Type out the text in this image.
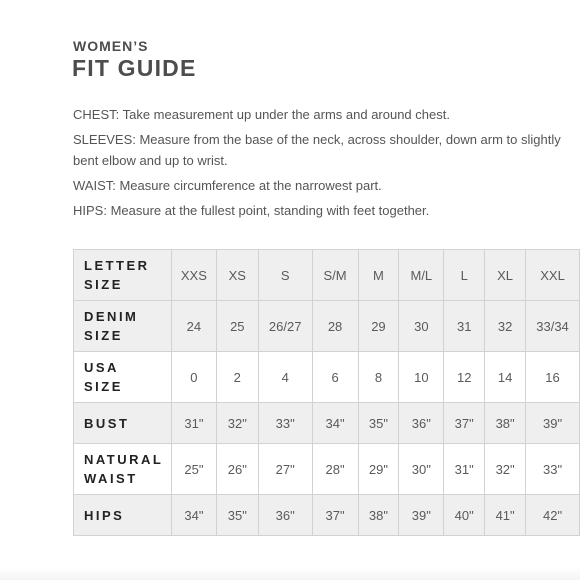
WOMEN’S
FIT GUIDE

CHEST: Take measurement up under the arms and around chest.

SLEEVES: Measure from the base of the neck, across shoulder, down arm to slightly bent elbow and up to wrist.

WAIST: Measure circumference at the narrowest part.

HIPS: Measure at the fullest point, standing with feet together.

LETTER
SIZE	XXS	XS	S	S/M	M	M/L	L	XL	XXL
DENIM
SIZE	24	25	26/27	28	29	30	31	32	33/34
USA
SIZE	0	2	4	6	8	10	12	14	16
BUST	31"	32"	33"	34"	35"	36"	37"	38"	39"
NATURAL
WAIST	25"	26"	27"	28"	29"	30"	31"	32"	33"
HIPS	34"	35"	36"	37"	38"	39"	40"	41"	42"
